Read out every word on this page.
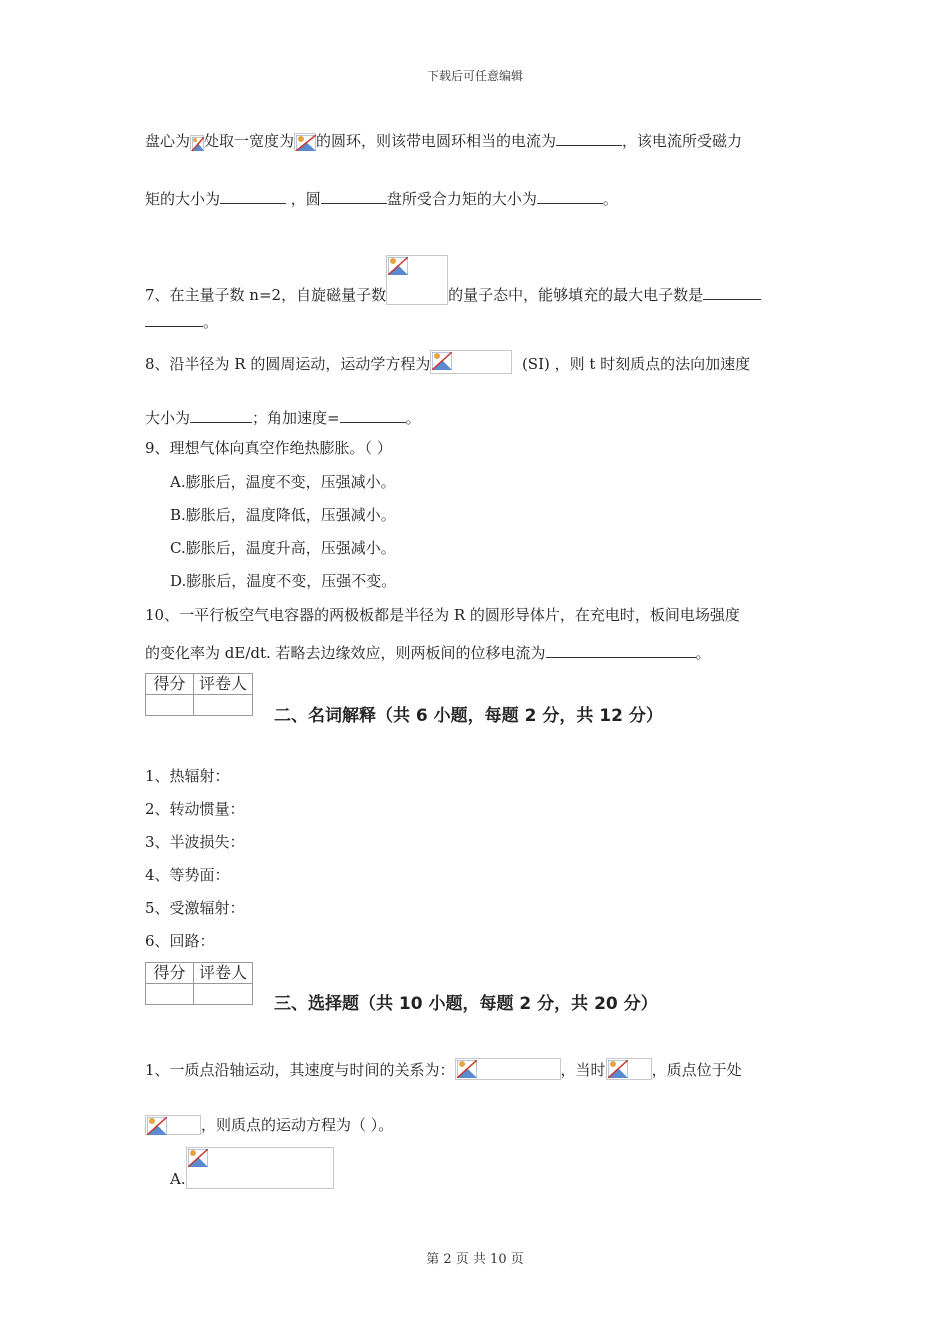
下载后可任意编辑
盘心为 处取一宽度为 的圆环，则该带电圆环相当的电流为	，该电流所受磁力
矩的大小为	，圆	盘所受合力矩的大小为	。
7、在主量子数 n=2，自旋磁量子数	的量子态中，能够填充的最大电子数是
。
8、沿半径为 R 的圆周运动，运动学方程为	(SI) ，则 t 时刻质点的法向加速度
大小为	；角加速度=	。
9、理想气体向真空作绝热膨胀。（ ）
A.膨胀后，温度不变，压强减小。
B.膨胀后，温度降低，压强减小。
C.膨胀后，温度升高，压强减小。
D.膨胀后，温度不变，压强不变。
10、一平行板空气电容器的两极板都是半径为 R 的圆形导体片，在充电时，板间电场强度
的变化率为 dE/dt. 若略去边缘效应，则两板间的位移电流为	。
得分	评卷人

二、名词解释（共 6 小题，每题 2 分，共 12 分）
1、热辐射：
2、转动惯量：
3、半波损失：
4、等势面：
5、受激辐射：
6、回路：
得分	评卷人

三、选择题（共 10 小题，每题 2 分，共 20 分）
1、一质点沿轴运动，其速度与时间的关系为：	，当时	，质点位于处
，则质点的运动方程为（ ）。
A.
第 2 页 共 10 页
